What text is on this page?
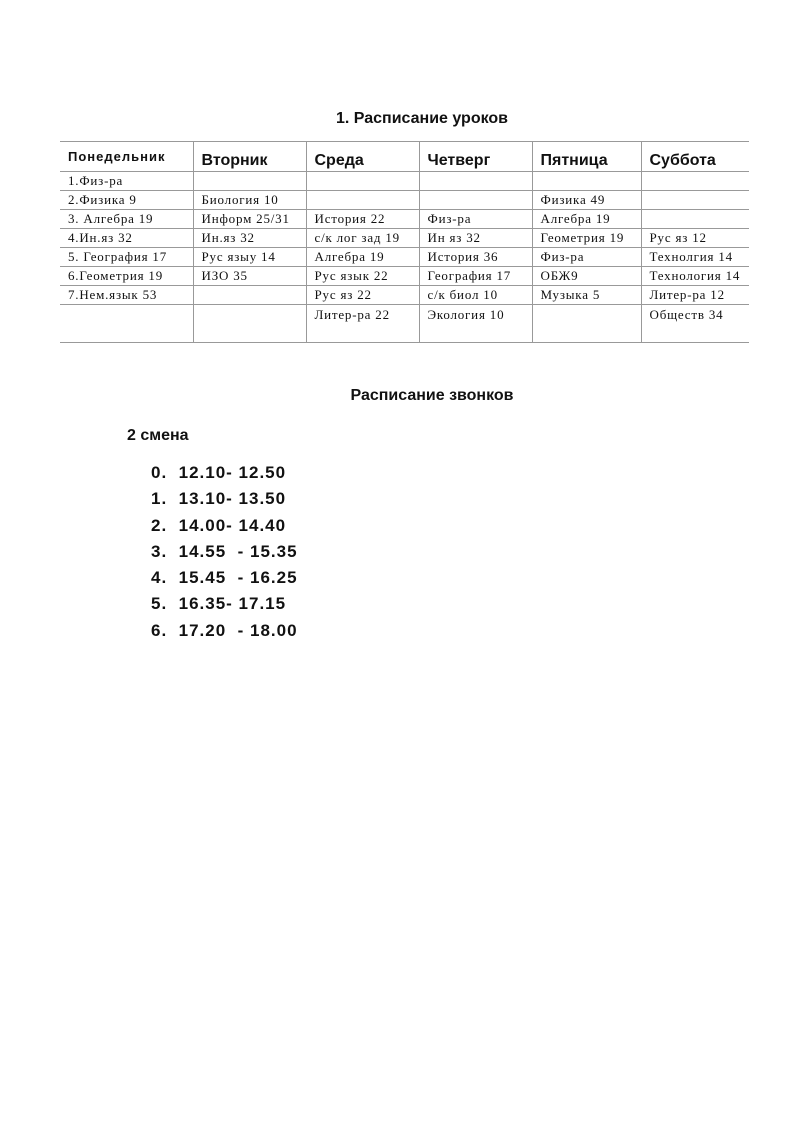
1. Расписание уроков
Понедельник	Вторник	Среда	Четверг	Пятница	Суббота
1.Физ-ра					
2.Физика 9	Биология 10			Физика 49	
3. Алгебра 19	Информ 25/31	История 22	Физ-ра	Алгебра 19	
4.Ин.яз 32	Ин.яз 32	с/к лог зад 19	Ин яз 32	Геометрия 19	Рус яз 12
5. География 17	Рус языу 14	Алгебра 19	История 36	Физ-ра	Технолгия 14
6.Геометрия 19	ИЗО 35	Рус язык 22	География 17	ОБЖ9	Технология 14
7.Нем.язык 53		Рус яз 22	с/к биол 10	Музыка 5	Литер-ра 12
		Литер-ра 22	Экология 10		Обществ 34
Расписание звонков
2 смена
0.  12.10- 12.50
1.  13.10- 13.50
2.  14.00- 14.40
3.  14.55  - 15.35
4.  15.45  - 16.25
5.  16.35- 17.15
6.  17.20  - 18.00
